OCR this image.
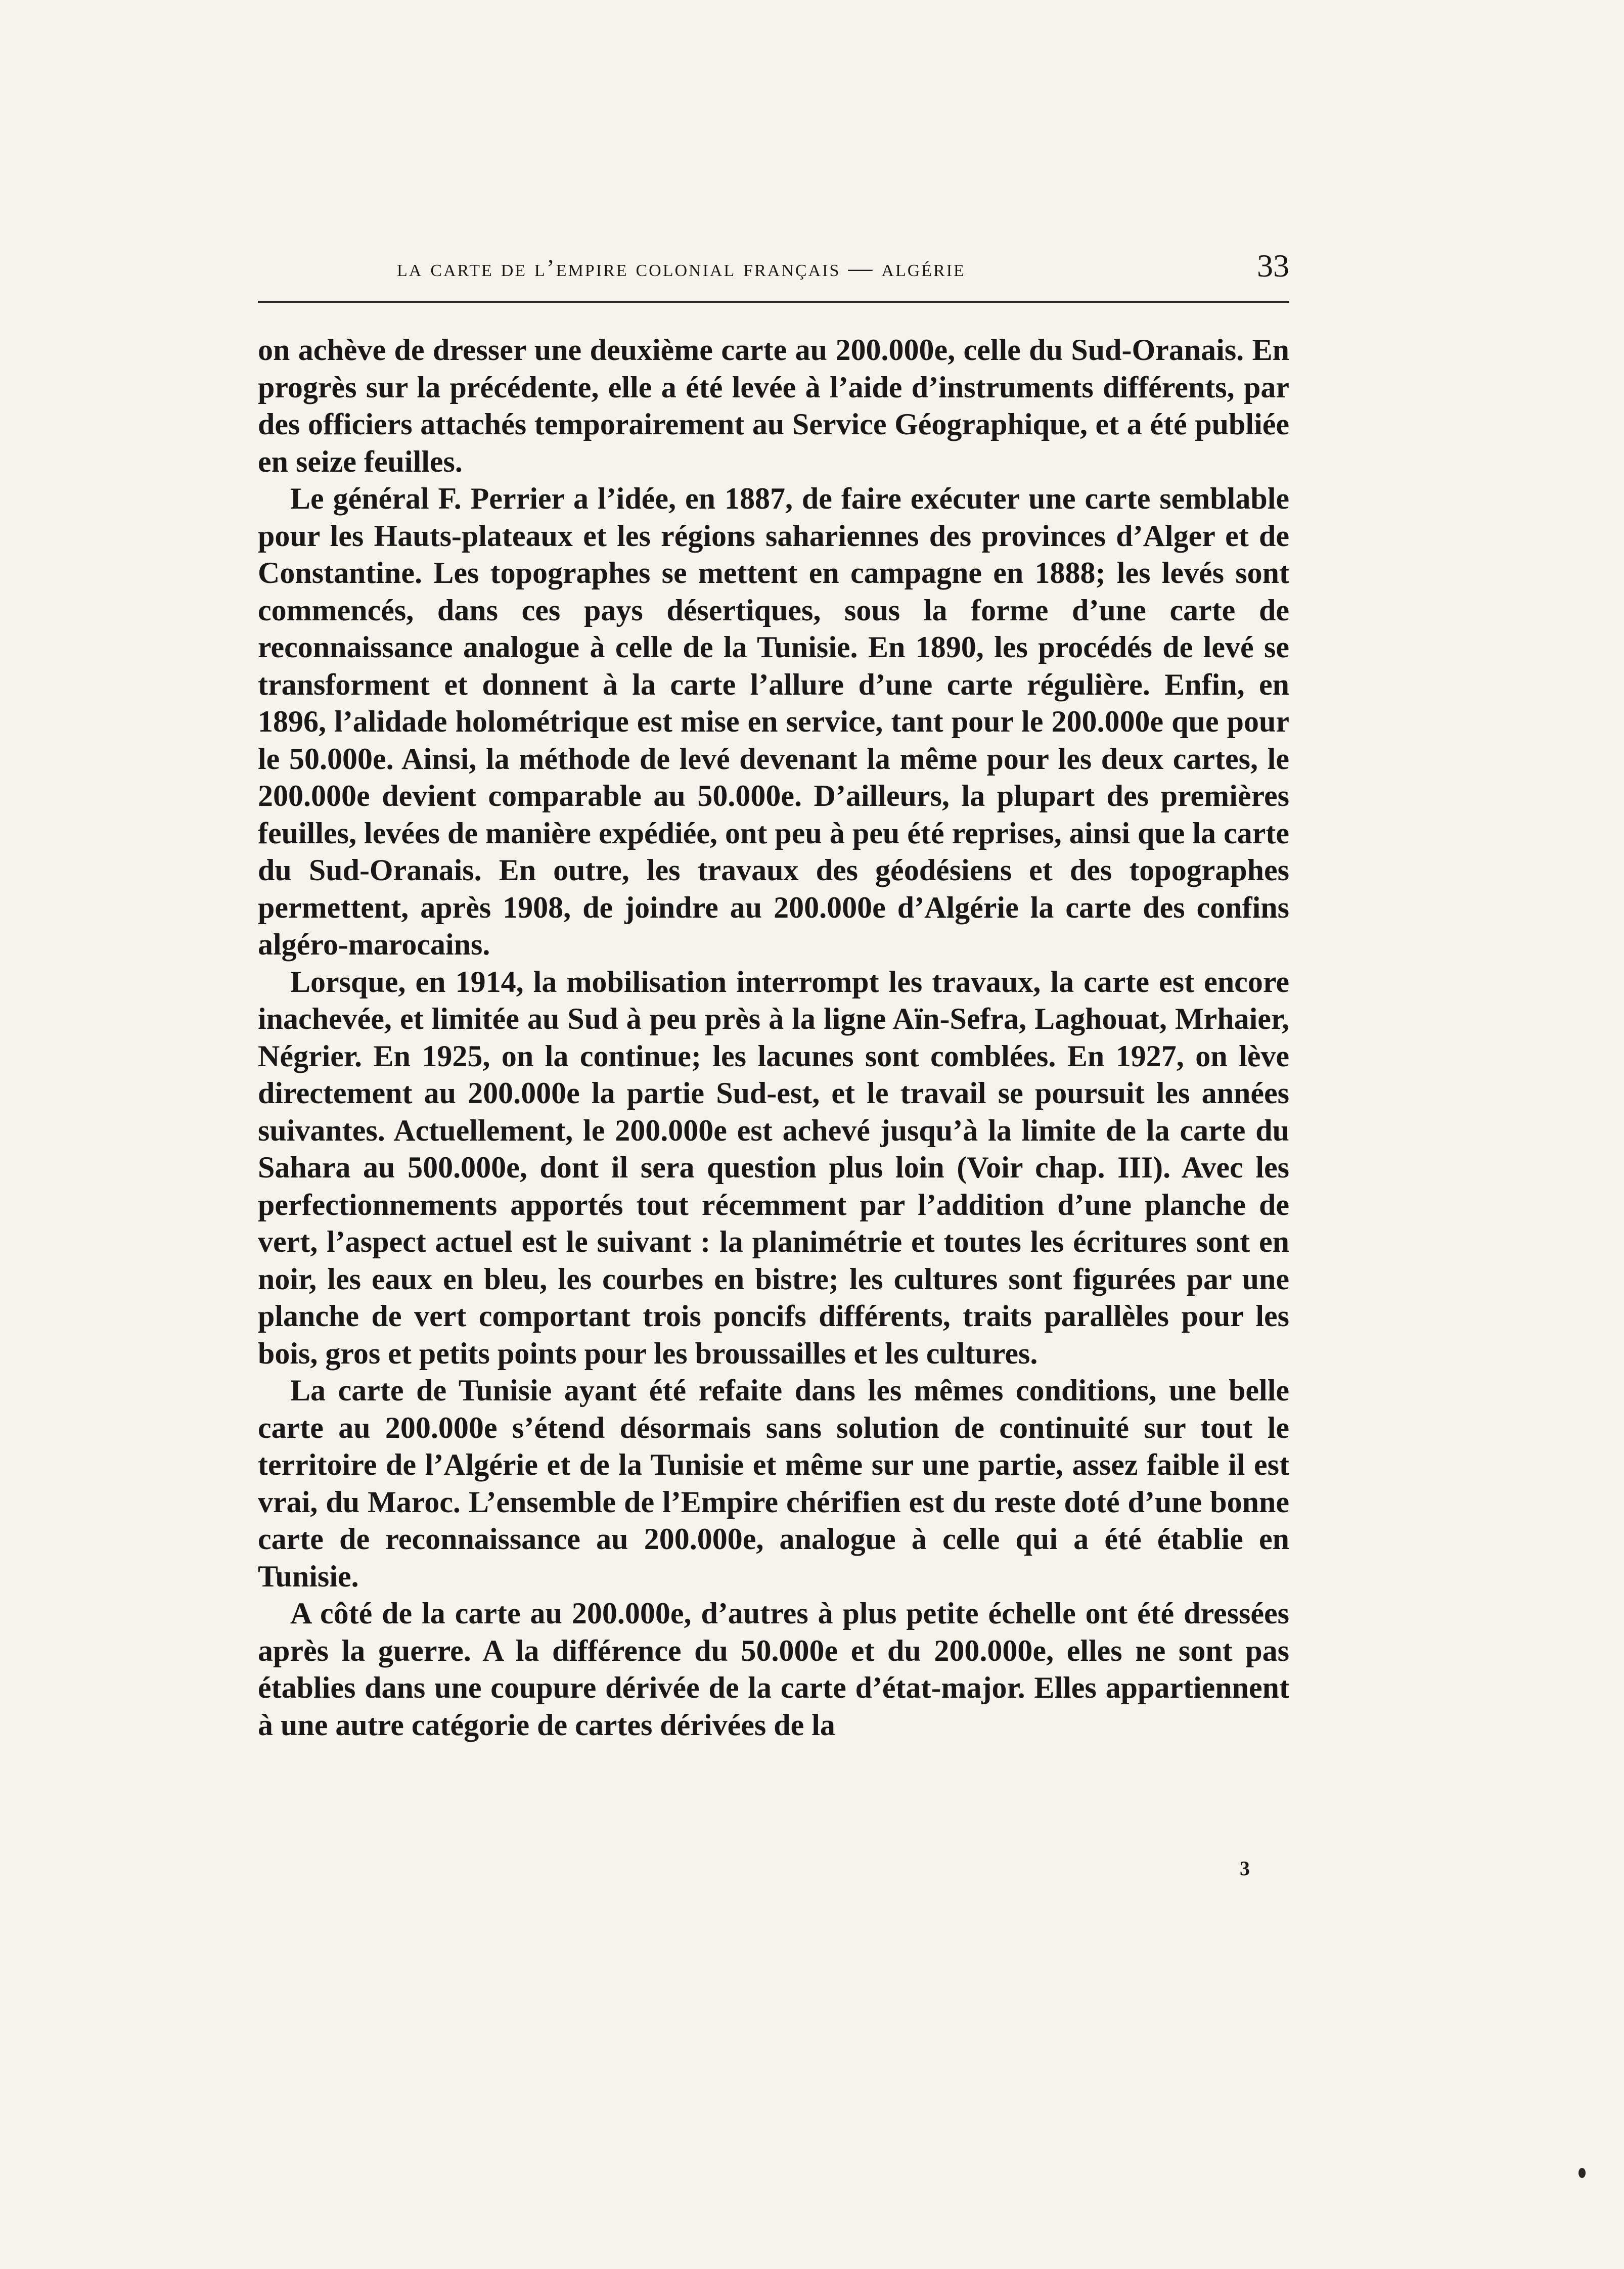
la carte de l’empire colonial français — algérie	33

on achève de dresser une deuxième carte au 200.000e, celle du Sud-Oranais. En progrès sur la précédente, elle a été levée à l’aide d’instruments différents, par des officiers attachés temporairement au Service Géographique, et a été publiée en seize feuilles.

Le général F. Perrier a l’idée, en 1887, de faire exécuter une carte semblable pour les Hauts-plateaux et les régions sahariennes des provinces d’Alger et de Constantine. Les topographes se mettent en campagne en 1888; les levés sont commencés, dans ces pays désertiques, sous la forme d’une carte de reconnaissance analogue à celle de la Tunisie. En 1890, les procédés de levé se transforment et donnent à la carte l’allure d’une carte régulière. Enfin, en 1896, l’alidade holométrique est mise en service, tant pour le 200.000e que pour le 50.000e. Ainsi, la méthode de levé devenant la même pour les deux cartes, le 200.000e devient comparable au 50.000e. D’ailleurs, la plupart des premières feuilles, levées de manière expédiée, ont peu à peu été reprises, ainsi que la carte du Sud-Oranais. En outre, les travaux des géodésiens et des topographes permettent, après 1908, de joindre au 200.000e d’Algérie la carte des confins algéro-marocains.

Lorsque, en 1914, la mobilisation interrompt les travaux, la carte est encore inachevée, et limitée au Sud à peu près à la ligne Aïn-Sefra, Laghouat, Mrhaier, Négrier. En 1925, on la continue; les lacunes sont comblées. En 1927, on lève directement au 200.000e la partie Sud-est, et le travail se poursuit les années suivantes. Actuellement, le 200.000e est achevé jusqu’à la limite de la carte du Sahara au 500.000e, dont il sera question plus loin (Voir chap. III). Avec les perfectionnements apportés tout récemment par l’addition d’une planche de vert, l’aspect actuel est le suivant : la planimétrie et toutes les écritures sont en noir, les eaux en bleu, les courbes en bistre; les cultures sont figurées par une planche de vert comportant trois poncifs différents, traits parallèles pour les bois, gros et petits points pour les broussailles et les cultures.

La carte de Tunisie ayant été refaite dans les mêmes conditions, une belle carte au 200.000e s’étend désormais sans solution de continuité sur tout le territoire de l’Algérie et de la Tunisie et même sur une partie, assez faible il est vrai, du Maroc. L’ensemble de l’Empire chérifien est du reste doté d’une bonne carte de reconnaissance au 200.000e, analogue à celle qui a été établie en Tunisie.

A côté de la carte au 200.000e, d’autres à plus petite échelle ont été dressées après la guerre. A la différence du 50.000e et du 200.000e, elles ne sont pas établies dans une coupure dérivée de la carte d’état-major. Elles appartiennent à une autre catégorie de cartes dérivées de la

3
